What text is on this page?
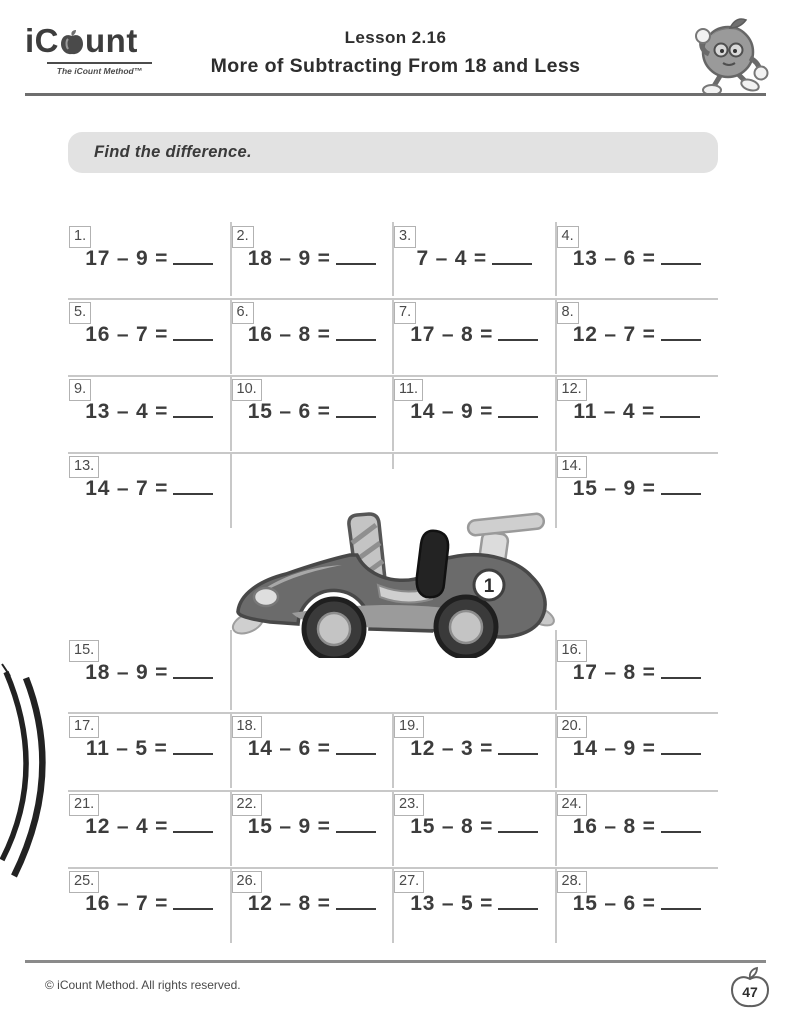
iC unt
The iCount Method™
Lesson 2.16
More of Subtracting From 18 and Less
Find the difference.
1.
17 – 9 =
2.
18 – 9 =
3.
7 – 4 =
4.
13 – 6 =
5.
16 – 7 =
6.
16 – 8 =
7.
17 – 8 =
8.
12 – 7 =
9.
13 – 4 =
10.
15 – 6 =
11.
14 – 9 =
12.
11 – 4 =
13.
14 – 7 =
14.
15 – 9 =
15.
18 – 9 =
16.
17 – 8 =
17.
11 – 5 =
18.
14 – 6 =
19.
12 – 3 =
20.
14 – 9 =
21.
12 – 4 =
22.
15 – 9 =
23.
15 – 8 =
24.
16 – 8 =
25.
16 – 7 =
26.
12 – 8 =
27.
13 – 5 =
28.
15 – 6 =
1
© iCount Method. All rights reserved.	47
